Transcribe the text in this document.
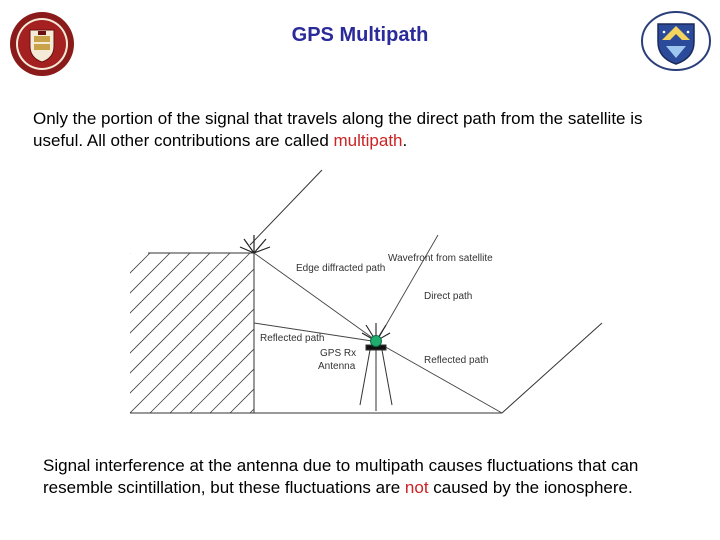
GPS Multipath
Only the portion of the signal that travels along the direct path from the satellite is useful. All other contributions are called multipath.
Wavefront from satellite
Edge diffracted path
Direct path
Reflected path
GPS Rx
Antenna
Reflected path
Signal interference at the antenna due to multipath causes fluctuations that can resemble scintillation, but these fluctuations are not caused by the ionosphere.
